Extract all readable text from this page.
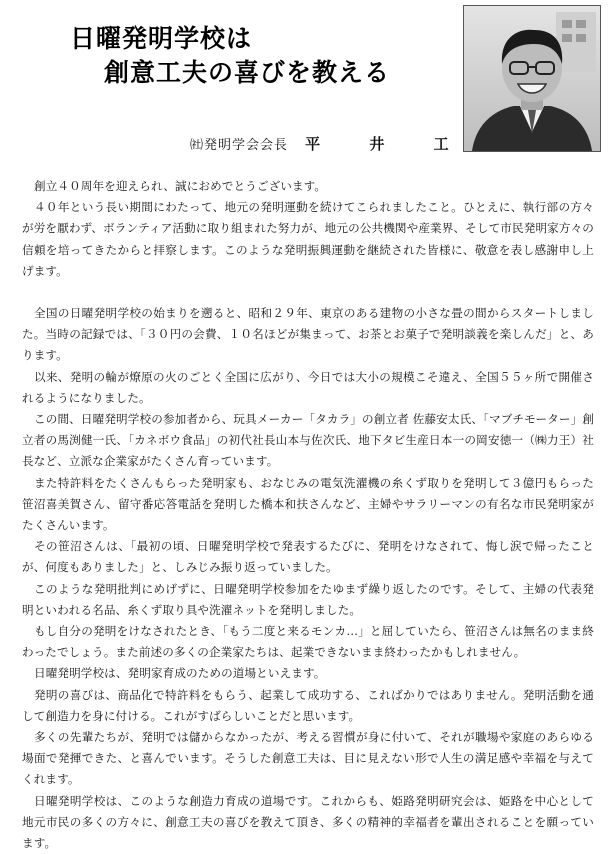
日曜発明学校は
創意工夫の喜びを教える
㈳発明学会会長 平 井 工

創立４０周年を迎えられ、誠におめでとうございます。

４０年という長い期間にわたって、地元の発明運動を続けてこられましたこと。ひとえに、執行部の方々が労を厭わず、ボランティア活動に取り組まれた努力が、地元の公共機関や産業界、そして市民発明家方々の信頼を培ってきたからと拝察します。このような発明振興運動を継続された皆様に、敬意を表し感謝申し上げます。

全国の日曜発明学校の始まりを遡ると、昭和２９年、東京のある建物の小さな畳の間からスタートしました。当時の記録では、「３０円の会費、１０名ほどが集まって、お茶とお菓子で発明談義を楽しんだ」と、あります。

以来、発明の輪が燎原の火のごとく全国に広がり、今日では大小の規模こそ違え、全国５５ヶ所で開催されるようになりました。

この間、日曜発明学校の参加者から、玩具メーカー「タカラ」の創立者 佐藤安太氏、「マブチモーター」創立者の馬渕健一氏、「カネボウ食品」の初代社長山本与佐次氏、地下タビ生産日本一の岡安徳一（㈱力王）社長など、立派な企業家がたくさん育っています。

また特許料をたくさんもらった発明家も、おなじみの電気洗濯機の糸くず取りを発明して３億円もらった笹沼喜美賀さん、留守番応答電話を発明した橋本和扶さんなど、主婦やサラリーマンの有名な市民発明家がたくさんいます。

その笹沼さんは、「最初の頃、日曜発明学校で発表するたびに、発明をけなされて、悔し涙で帰ったことが、何度もありました」と、しみじみ振り返っていました。

このような発明批判にめげずに、日曜発明学校参加をたゆまず繰り返したのです。そして、主婦の代表発明といわれる名品、糸くず取り具や洗濯ネットを発明しました。

もし自分の発明をけなされたとき、「もう二度と来るモンカ…」と屈していたら、笹沼さんは無名のまま終わったでしょう。また前述の多くの企業家たちは、起業できないまま終わったかもしれません。

日曜発明学校は、発明家育成のための道場といえます。

発明の喜びは、商品化で特許料をもらう、起業して成功する、こればかりではありません。発明活動を通して創造力を身に付ける。これがすばらしいことだと思います。

多くの先輩たちが、発明では儲からなかったが、考える習慣が身に付いて、それが職場や家庭のあらゆる場面で発揮できた、と喜んでいます。そうした創意工夫は、目に見えない形で人生の満足感や幸福を与えてくれます。

日曜発明学校は、このような創造力育成の道場です。これからも、姫路発明研究会は、姫路を中心として地元市民の多くの方々に、創意工夫の喜びを教えて頂き、多くの精神的幸福者を輩出されることを願っています。
